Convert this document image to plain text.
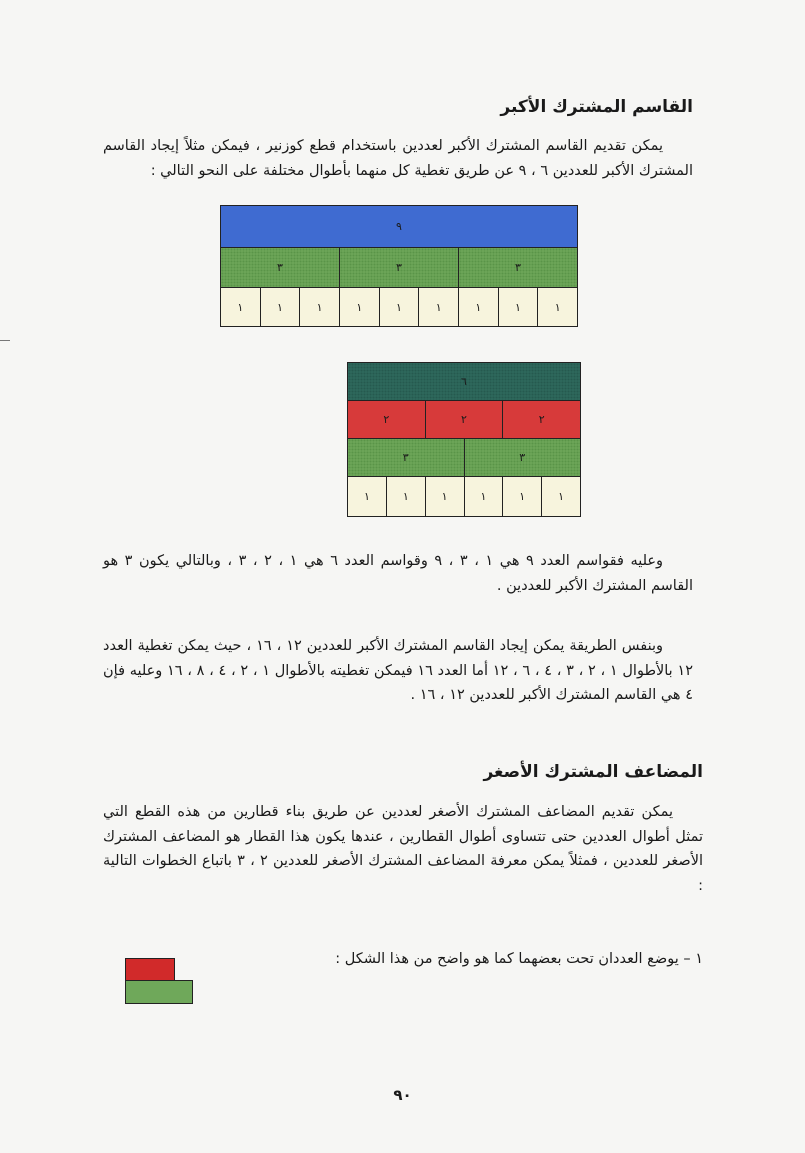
القاسم المشترك الأكبر

يمكن تقديم القاسم المشترك الأكبر لعددين باستخدام قطع كوزنير ، فيمكن مثلاً إيجاد القاسم المشترك الأكبر للعددين ٦ ، ٩ عن طريق تغطية كل منهما بأطوال مختلفة على النحو التالي :

٩
٣
٣
٣
١
١
١
١
١
١
١
١
١
٦
٢
٢
٢
٣
٣
١
١
١
١
١
١

وعليه فقواسم العدد ٩ هي ١ ، ٣ ، ٩ وقواسم العدد ٦ هي ١ ، ٢ ، ٣ ، وبالتالي يكون ٣ هو القاسم المشترك الأكبر للعددين .

وبنفس الطريقة يمكن إيجاد القاسم المشترك الأكبر للعددين ١٢ ، ١٦ ، حيث يمكن تغطية العدد ١٢ بالأطوال ١ ، ٢ ، ٣ ، ٤ ، ٦ ، ١٢ أما العدد ١٦ فيمكن تغطيته بالأطوال ١ ، ٢ ، ٤ ، ٨ ، ١٦ وعليه فإن ٤ هي القاسم المشترك الأكبر للعددين ١٢ ، ١٦ .

المضاعف المشترك الأصغر

يمكن تقديم المضاعف المشترك الأصغر لعددين عن طريق بناء قطارين من هذه القطع التي تمثل أطوال العددين حتى تتساوى أطوال القطارين ، عندها يكون هذا القطار هو المضاعف المشترك الأصغر للعددين ، فمثلاً يمكن معرفة المضاعف المشترك الأصغر للعددين ٢ ، ٣ باتباع الخطوات التالية :

١ – يوضع العددان تحت بعضهما كما هو واضح من هذا الشكل :

٩٠
